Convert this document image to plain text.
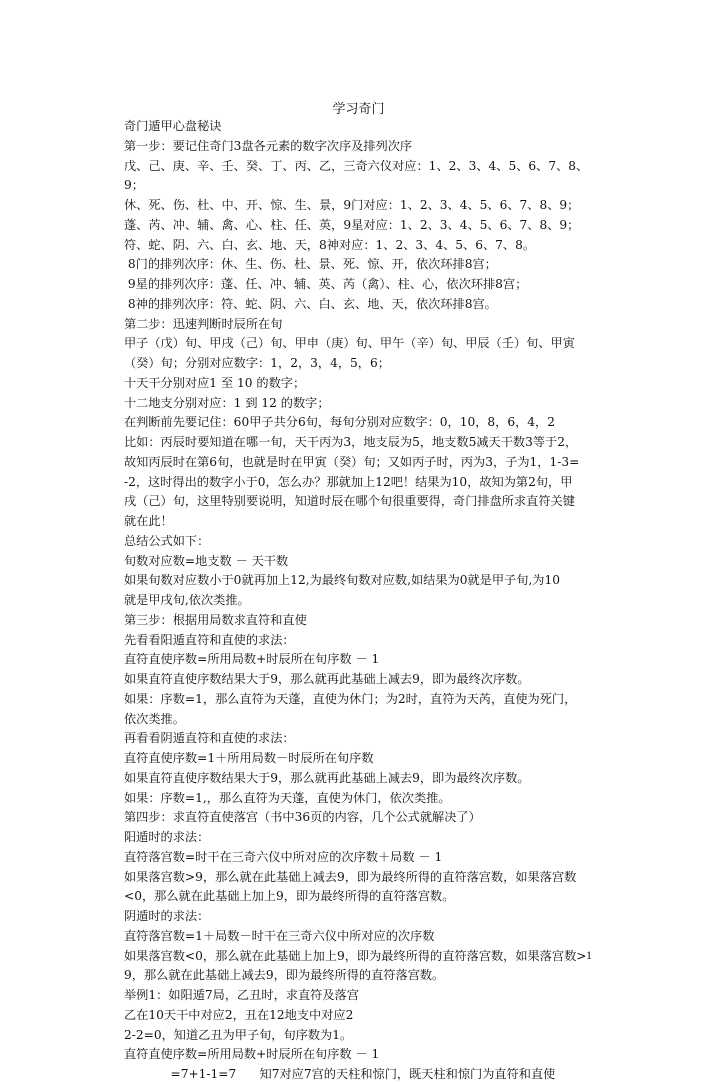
学习奇门
奇门遁甲心盘秘诀
第一步：要记住奇门3盘各元素的数字次序及排列次序
戊、己、庚、辛、壬、癸、丁、丙、乙，三奇六仪对应：1、2、3、4、5、6、7、8、
9；
休、死、伤、杜、中、开、惊、生、景，9门对应：1、2、3、4、5、6、7、8、9；
蓬、芮、冲、辅、禽、心、柱、任、英，9星对应：1、2、3、4、5、6、7、8、9；
符、蛇、阴、六、白、玄、地、天，8神对应：1、2、3、4、5、6、7、8。
8门的排列次序：休、生、伤、杜、景、死、惊、开，依次环排8宫；
9星的排列次序：蓬、任、冲、辅、英、芮（禽）、柱、心，依次环排8宫；
8神的排列次序：符、蛇、阴、六、白、玄、地、天，依次环排8宫。
第二步：迅速判断时辰所在旬
甲子（戊）旬、甲戌（己）旬、甲申（庚）旬、甲午（辛）旬、甲辰（壬）旬、甲寅
（癸）旬；分别对应数字：1，2，3，4，5，6；
十天干分别对应1 至 10 的数字；
十二地支分别对应：1 到 12 的数字；
在判断前先要记住：60甲子共分6旬，每旬分别对应数字：0，10，8，6，4，2
比如：丙辰时要知道在哪一旬，天干丙为3，地支辰为5，地支数5减天干数3等于2，
故知丙辰时在第6旬，也就是时在甲寅（癸）旬；又如丙子时，丙为3，子为1，1-3=
-2，这时得出的数字小于0，怎么办？那就加上12吧！结果为10，故知为第2旬，甲
戌（己）旬，这里特别要说明，知道时辰在哪个旬很重要得，奇门排盘所求直符关键
就在此！
总结公式如下：
旬数对应数=地支数 － 天干数
如果旬数对应数小于0就再加上12,为最终旬数对应数,如结果为0就是甲子旬,为10
就是甲戌旬,依次类推。
第三步：根据用局数求直符和直使
先看看阳遁直符和直使的求法：
直符直使序数=所用局数+时辰所在旬序数 － 1
如果直符直使序数结果大于9，那么就再此基础上减去9，即为最终次序数。
如果：序数=1，那么直符为天蓬，直使为休门；为2时，直符为天芮，直使为死门，
依次类推。
再看看阴遁直符和直使的求法：
直符直使序数=1＋所用局数－时辰所在旬序数
如果直符直使序数结果大于9，那么就再此基础上减去9，即为最终次序数。
如果：序数=1,，那么直符为天蓬，直使为休门，依次类推。
第四步：求直符直使落宫（书中36页的内容，几个公式就解决了）
阳遁时的求法：
直符落宫数=时干在三奇六仪中所对应的次序数＋局数 － 1
如果落宫数>9，那么就在此基础上减去9，即为最终所得的直符落宫数，如果落宫数
<0，那么就在此基础上加上9，即为最终所得的直符落宫数。
阴遁时的求法：
直符落宫数=1＋局数－时干在三奇六仪中所对应的次序数
如果落宫数<0，那么就在此基础上加上9，即为最终所得的直符落宫数，如果落宫数>
9，那么就在此基础上减去9，即为最终所得的直符落宫数。
举例1：如阳遁7局，乙丑时，求直符及落宫
乙在10天干中对应2，丑在12地支中对应2
2-2=0，知道乙丑为甲子旬，旬序数为1。
直符直使序数=所用局数+时辰所在旬序数 － 1
=7+1-1=7      知7对应7宫的天柱和惊门，既天柱和惊门为直符和直使
1
